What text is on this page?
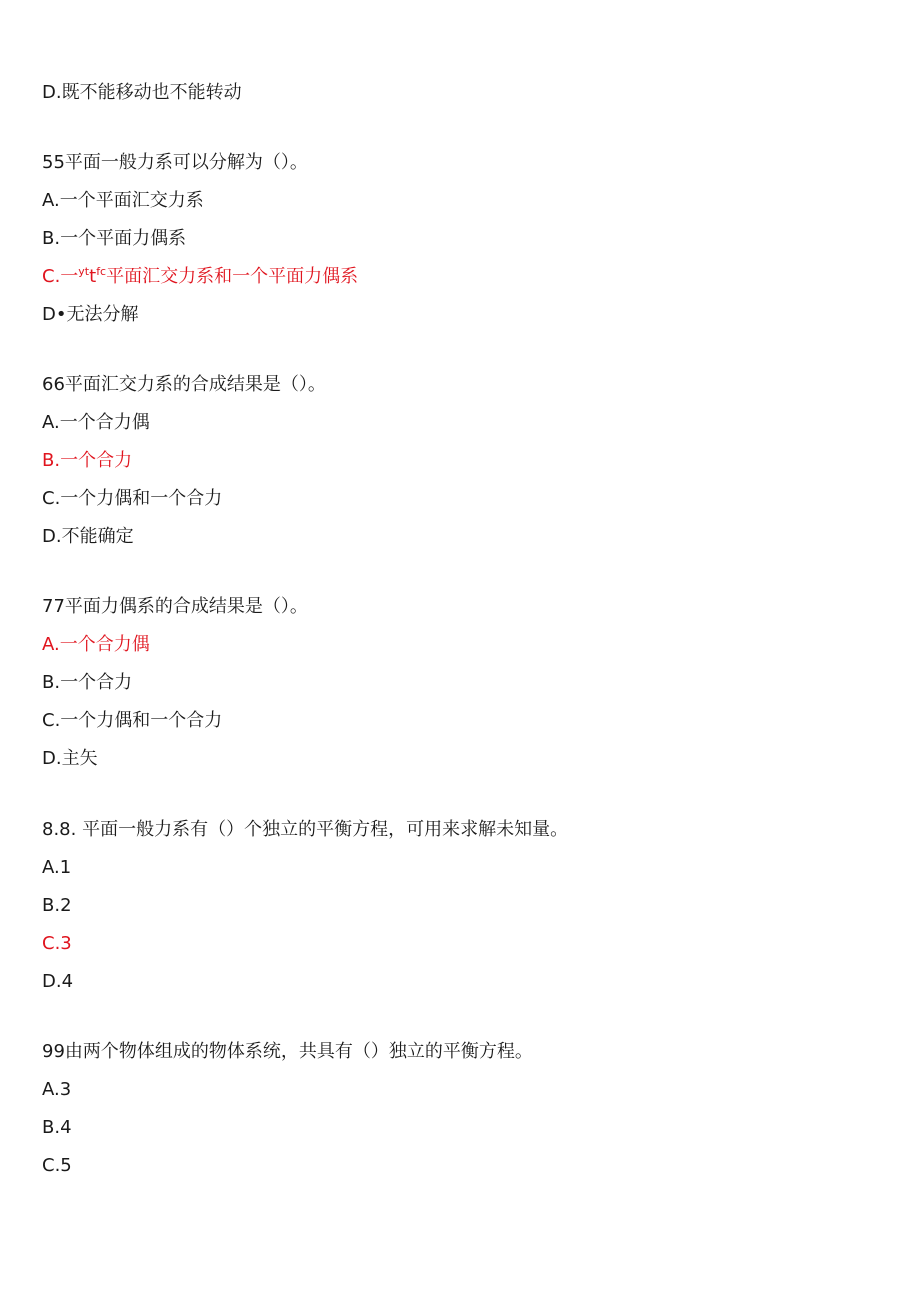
D.既不能移动也不能转动
55平面一般力系可以分解为（）。
A.一个平面汇交力系
B.一个平面力偶系
C.一$^{yt}t^{fc}$平面汇交力系和一个平面力偶系
D•无法分解
66平面汇交力系的合成结果是（）。
A.一个合力偶
B.一个合力
C.一个力偶和一个合力
D.不能确定
77平面力偶系的合成结果是（）。
A.一个合力偶
B.一个合力
C.一个力偶和一个合力
D.主矢
8.8. 平面一般力系有（）个独立的平衡方程，可用来求解未知量。
A.1
B.2
C.3
D.4
99由两个物体组成的物体系统，共具有（）独立的平衡方程。
A.3
B.4
C.5
